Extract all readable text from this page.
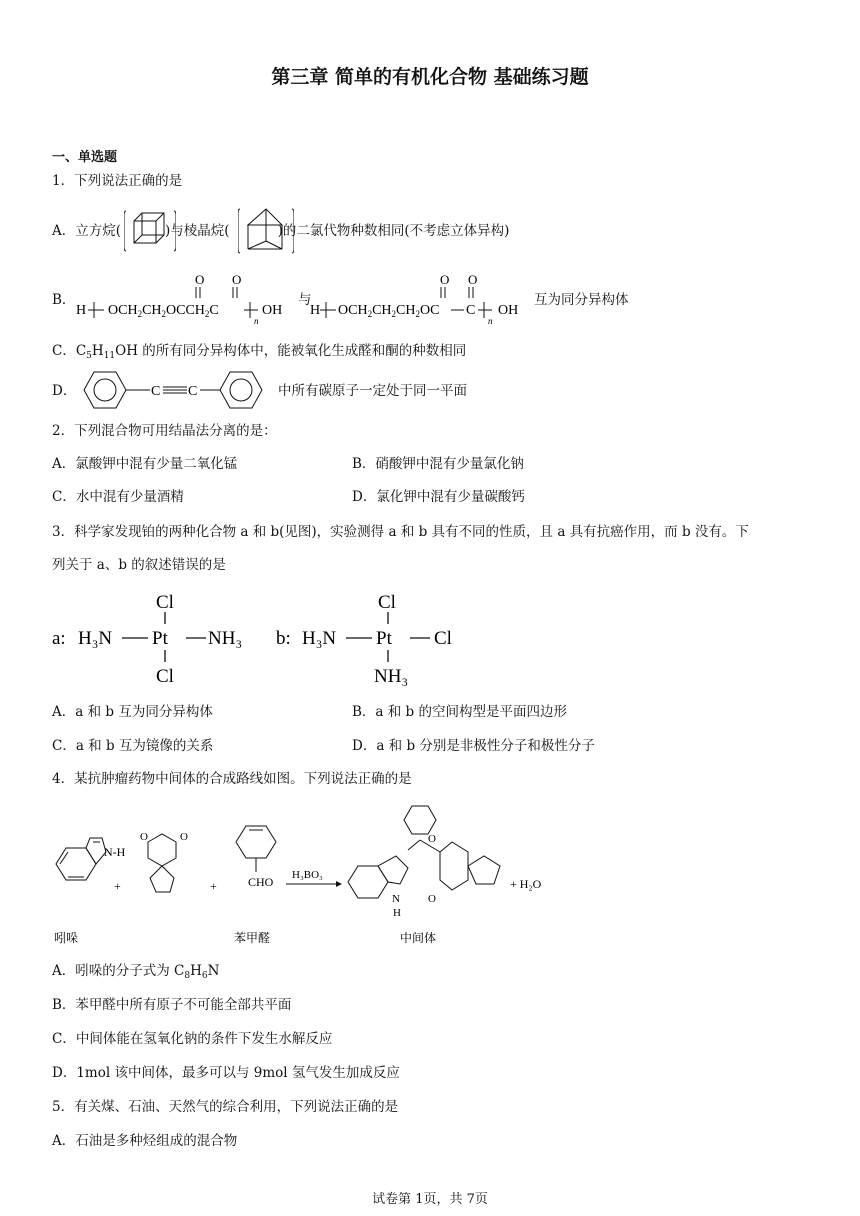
第三章 简单的有机化合物 基础练习题
一、单选题
1．下列说法正确的是
A．立方烷(	)与棱晶烷(	)的二氯代物种数相同(不考虑立体异构)
B．
O O
H $OCH_2CH_2OCCH_2C$
n
OH
与
O O
H $OCH_2CH_2CH_2OC$ C
n
OH
互为同分异构体
C．$C_5H_{11}OH$ 的所有同分异构体中，能被氧化生成醛和酮的种数相同
D．	C C	中所有碳原子一定处于同一平面
2．下列混合物可用结晶法分离的是：
A．氯酸钾中混有少量二氧化锰	B．硝酸钾中混有少量氯化钠
C．水中混有少量酒精	D．氯化钾中混有少量碳酸钙
3．科学家发现铂的两种化合物 a 和 b(见图)，实验测得 a 和 b 具有不同的性质，且 a 具有抗癌作用，而 b 没有。下
列关于 a、b 的叙述错误的是
a: H₃N Pt NH₃
Cl
Cl
b: H₃N Pt Cl
Cl
NH₃
A．a 和 b 互为同分异构体	B．a 和 b 的空间构型是平面四边形
C．a 和 b 互为镜像的关系	D．a 和 b 分别是非极性分子和极性分子
4．某抗肿瘤药物中间体的合成路线如图。下列说法正确的是
N-H
吲哚
+
O	O
+	CHO
苯甲醛
H₃BO₃
N
H
O
O
+ H₂O
中间体
A．吲哚的分子式为 $C_8H_6N$
B．苯甲醛中所有原子不可能全部共平面
C．中间体能在氢氧化钠的条件下发生水解反应
D．1mol 该中间体，最多可以与 9mol 氢气发生加成反应
5．有关煤、石油、天然气的综合利用，下列说法正确的是
A．石油是多种烃组成的混合物
试卷第 1页，共 7页
